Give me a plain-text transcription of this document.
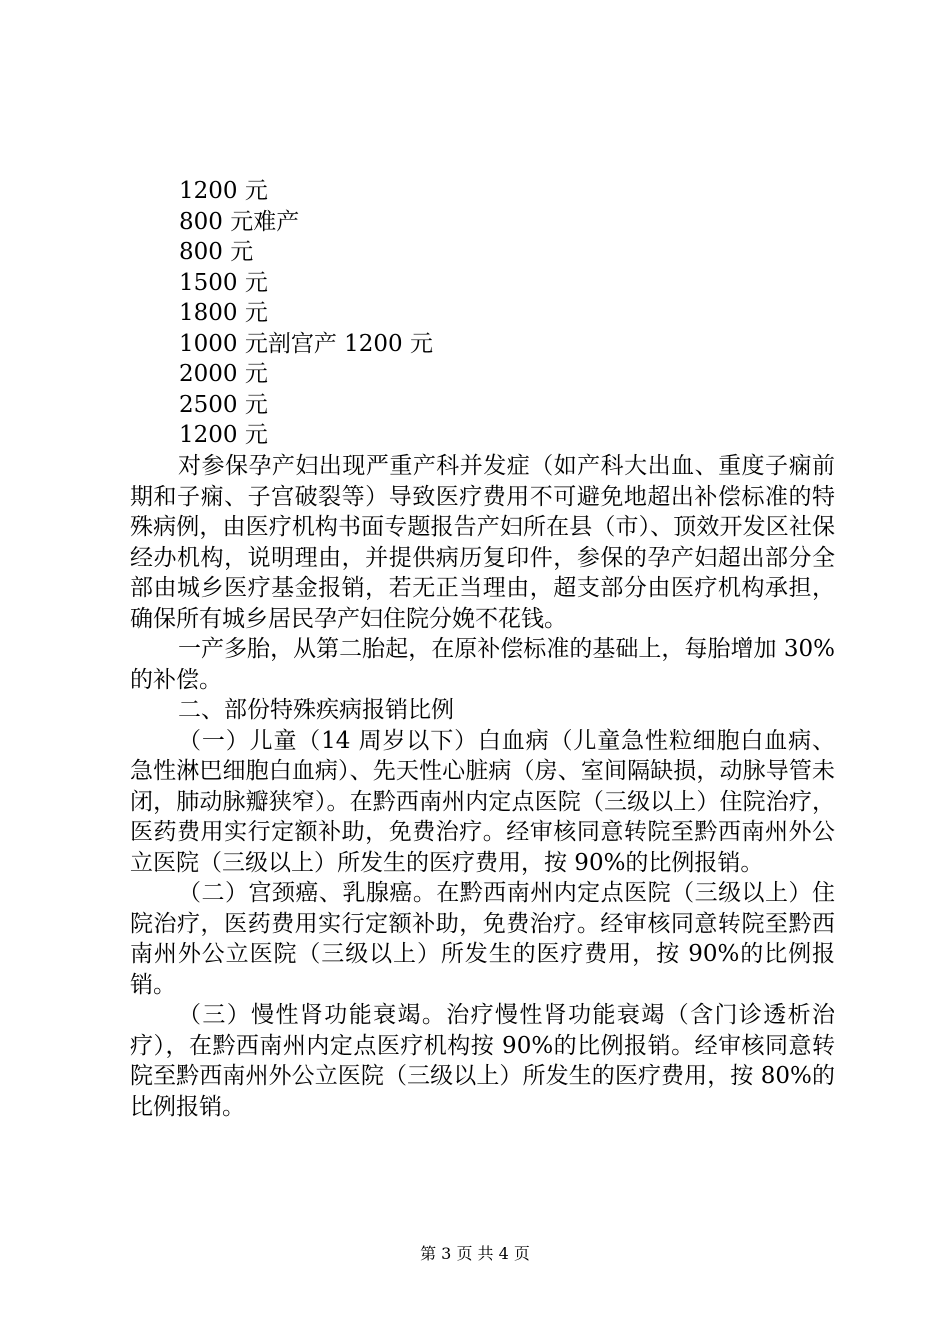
1200 元
800 元难产
800 元
1500 元
1800 元
1000 元剖宫产 1200 元
2000 元
2500 元
1200 元

对参保孕产妇出现严重产科并发症（如产科大出血、重度子痫前期和子痫、子宫破裂等）导致医疗费用不可避免地超出补偿标准的特殊病例，由医疗机构书面专题报告产妇所在县（市）、顶效开发区社保经办机构，说明理由，并提供病历复印件，参保的孕产妇超出部分全部由城乡医疗基金报销，若无正当理由，超支部分由医疗机构承担，确保所有城乡居民孕产妇住院分娩不花钱。

一产多胎，从第二胎起，在原补偿标准的基础上，每胎增加 30%的补偿。

二、部份特殊疾病报销比例

（一）儿童（14 周岁以下）白血病（儿童急性粒细胞白血病、急性淋巴细胞白血病）、先天性心脏病（房、室间隔缺损，动脉导管未闭，肺动脉瓣狭窄）。在黔西南州内定点医院（三级以上）住院治疗，医药费用实行定额补助，免费治疗。经审核同意转院至黔西南州外公立医院（三级以上）所发生的医疗费用，按 90%的比例报销。

（二）宫颈癌、乳腺癌。在黔西南州内定点医院（三级以上）住院治疗，医药费用实行定额补助，免费治疗。经审核同意转院至黔西南州外公立医院（三级以上）所发生的医疗费用，按 90%的比例报销。

（三）慢性肾功能衰竭。治疗慢性肾功能衰竭（含门诊透析治疗），在黔西南州内定点医疗机构按 90%的比例报销。经审核同意转院至黔西南州外公立医院（三级以上）所发生的医疗费用，按 80%的比例报销。

第 3 页 共 4 页
